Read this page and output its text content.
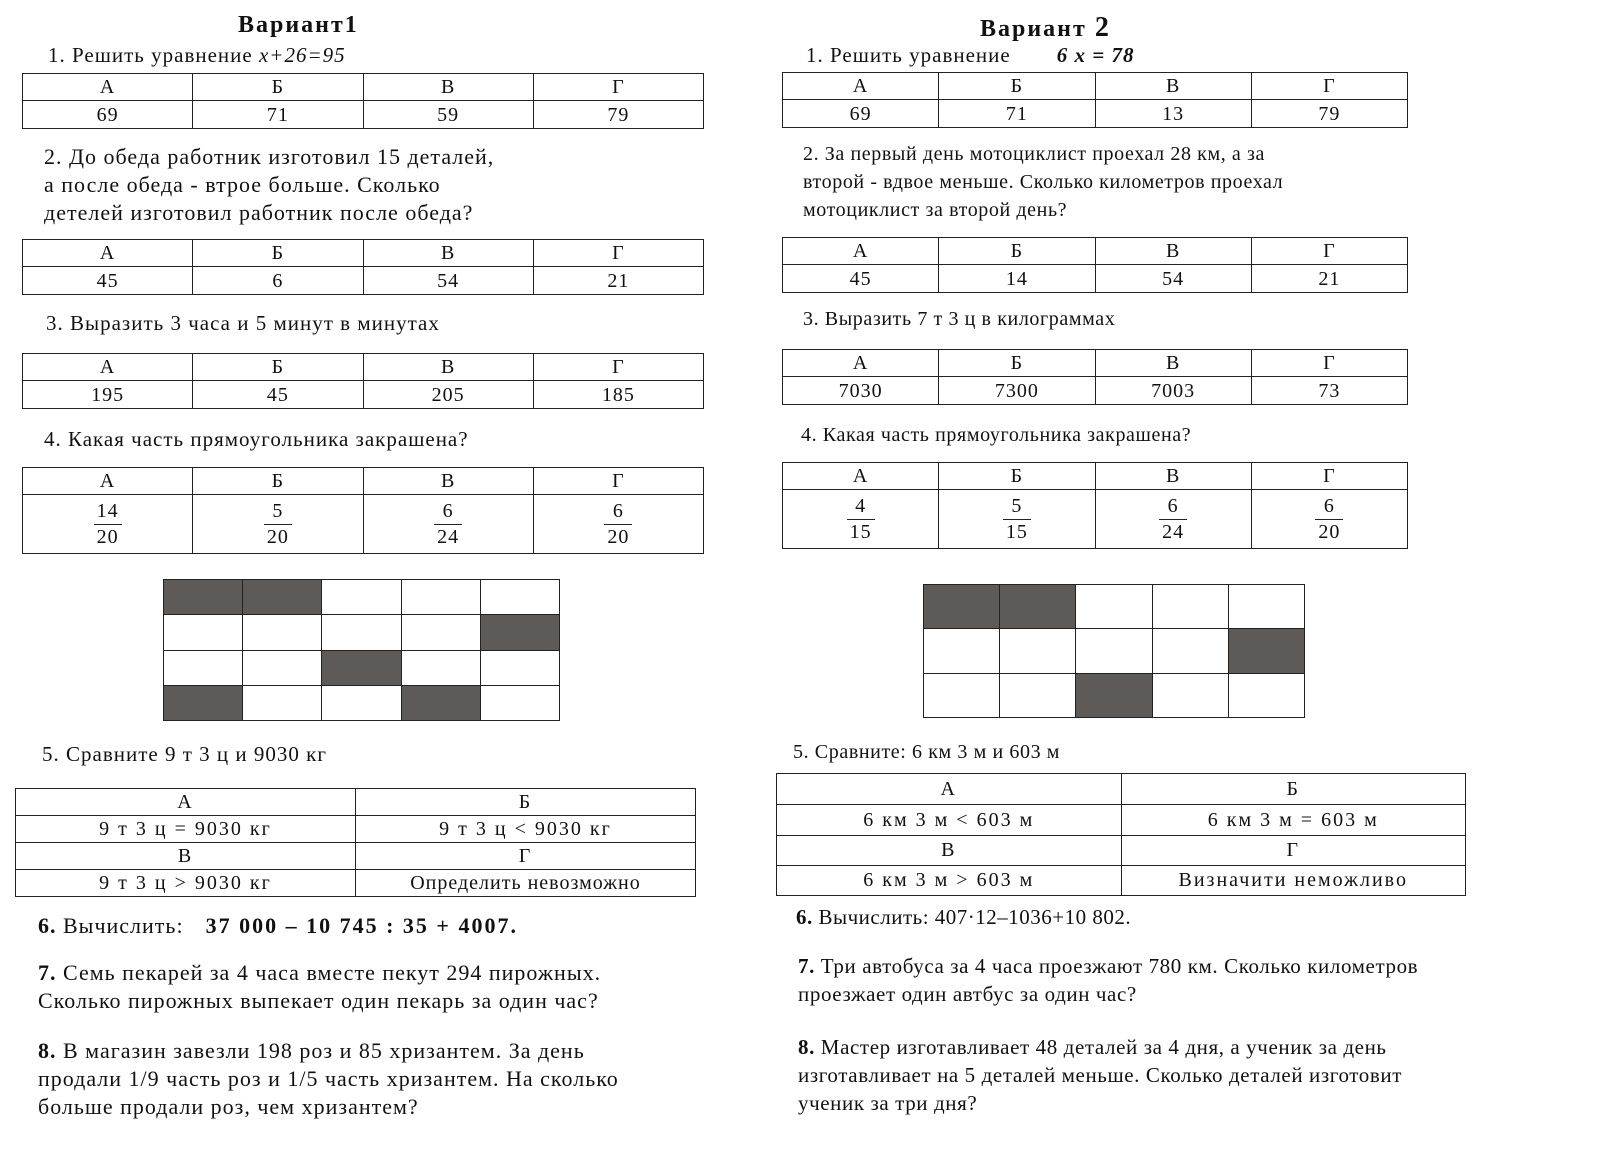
Вариант1
1. Решить уравнение x+26=95
А	Б	В	Г
69	71	59	79
2. До обеда работник изготовил 15 деталей,
а после обеда - втрое больше. Сколько
детелей изготовил работник после обеда?
А	Б	В	Г
45	6	54	21
3. Выразить 3 часа и 5 минут в минутах
А	Б	В	Г
195	45	205	185
4. Какая часть прямоугольника закрашена?
А	Б	В	Г

$\frac{14}{20}$	$\frac{5}{20}$	$\frac{6}{24}$	$\frac{6}{20}$

5. Сравните 9 т 3 ц и 9030 кг
А	Б
9 т 3 ц = 9030 кг	9 т 3 ц < 9030 кг
В	Г
9 т 3 ц > 9030 кг	Определить невозможно
6. Вычислить: 37 000 – 10 745 : 35 + 4007.
7. Семь пекарей за 4 часа вместе пекут 294 пирожных.
Сколько пирожных выпекает один пекарь за один час?
8. В магазин завезли 198 роз и 85 хризантем. За день
продали 1/9 часть роз и 1/5 часть хризантем. На сколько
больше продали роз, чем хризантем?
Вариант 2
1. Решить уравнение 6 x = 78
А	Б	В	Г
69	71	13	79
2. За первый день мотоциклист проехал 28 км, а за
второй - вдвое меньше. Сколько километров проехал
мотоциклист за второй день?
А	Б	В	Г
45	14	54	21
3. Выразить 7 т 3 ц в килограммах
А	Б	В	Г
7030	7300	7003	73
4. Какая часть прямоугольника закрашена?
А	Б	В	Г

$\frac{4}{15}$	$\frac{5}{15}$	$\frac{6}{24}$	$\frac{6}{20}$

5. Сравните: 6 км 3 м и 603 м
А	Б
6 км 3 м < 603 м	6 км 3 м = 603 м
В	Г
6 км 3 м > 603 м	Визначити неможливо
6. Вычислить: 407·12–1036+10 802.
7. Три автобуса за 4 часа проезжают 780 км. Сколько километров
проезжает один автбус за один час?
8. Мастер изготавливает 48 деталей за 4 дня, а ученик за день
изготавливает на 5 деталей меньше. Сколько деталей изготовит
ученик за три дня?
